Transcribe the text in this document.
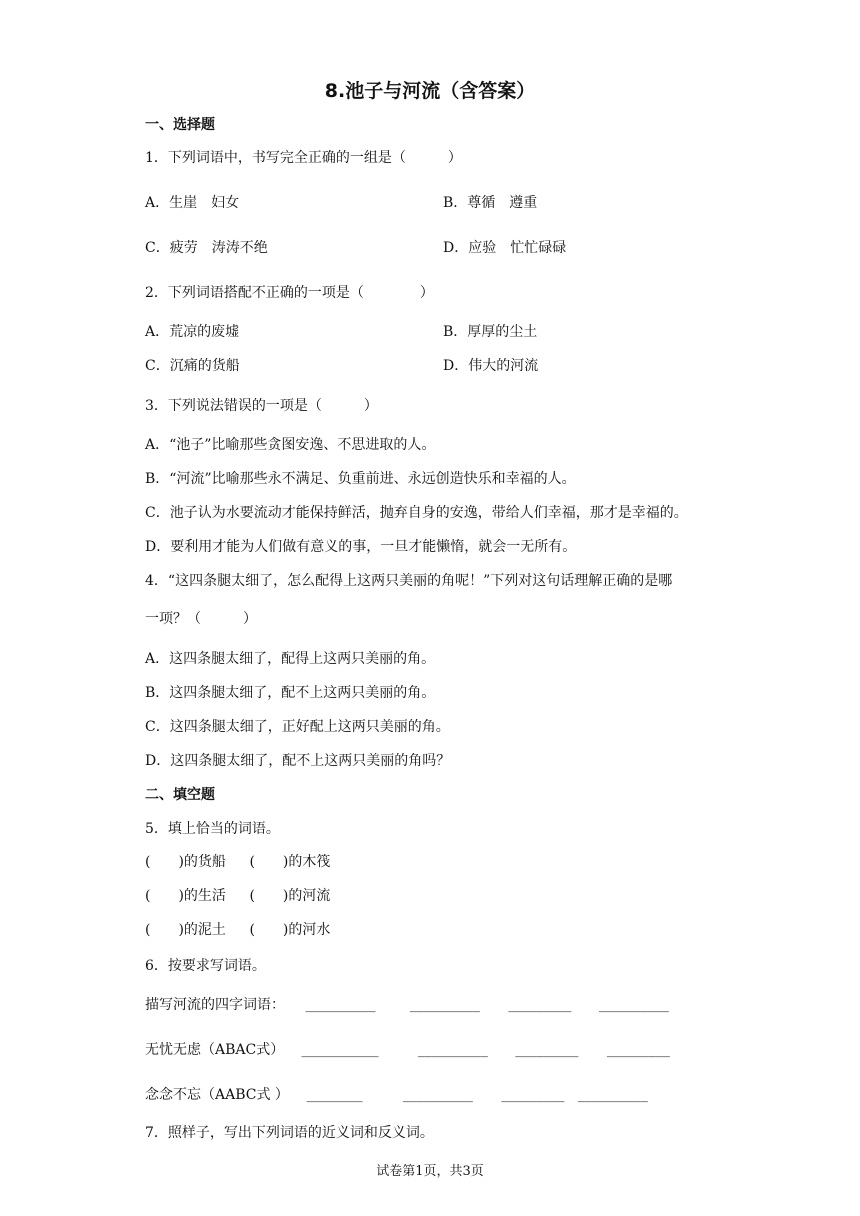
8.池子与河流（含答案）
一、选择题
1．下列词语中，书写完全正确的一组是（　　　）
A．生崖　妇女	B．尊循　遵重
C．疲劳　涛涛不绝	D．应验　忙忙碌碌
2．下列词语搭配不正确的一项是（　　　　）
A．荒凉的废墟	B．厚厚的尘土
C．沉痛的货船	D．伟大的河流
3．下列说法错误的一项是（　　　）
A．“池子”比喻那些贪图安逸、不思进取的人。
B．“河流”比喻那些永不满足、负重前进、永远创造快乐和幸福的人。
C．池子认为水要流动才能保持鲜活，抛弃自身的安逸，带给人们幸福，那才是幸福的。
D．要利用才能为人们做有意义的事，一旦才能懒惰，就会一无所有。
4．“这四条腿太细了，怎么配得上这两只美丽的角呢！”下列对这句话理解正确的是哪
一项？（　　　）
A．这四条腿太细了，配得上这两只美丽的角。
B．这四条腿太细了，配不上这两只美丽的角。
C．这四条腿太细了，正好配上这两只美丽的角。
D．这四条腿太细了，配不上这两只美丽的角吗？
二、填空题
5．填上恰当的词语。
(　　)的货船 (　　)的木筏
(　　)的生活 (　　)的河流
(　　)的泥土 (　　)的河水
6．按要求写词语。
描写河流的四字词语： __________ __________ _________ __________
无忧无虑（ABAC式） ___________	__________ _________ _________
念念不忘（AABC式 ） ________	__________ _________ __________
7．照样子，写出下列词语的近义词和反义词。
试卷第1页，共3页
